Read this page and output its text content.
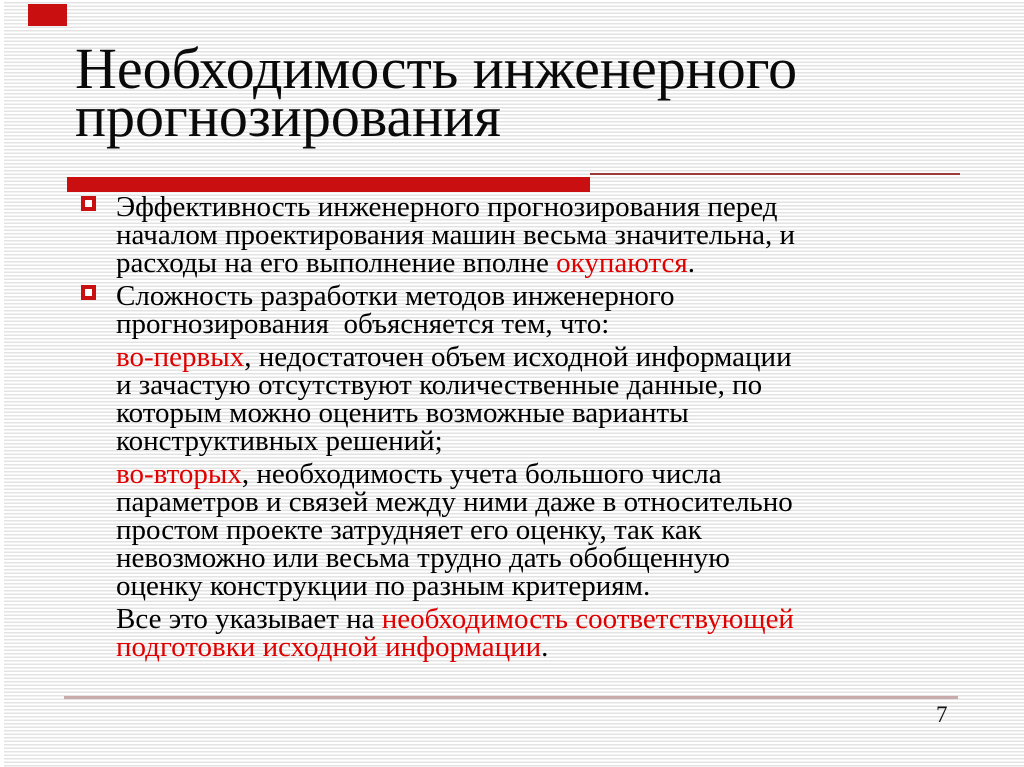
Необходимость инженерного
прогнозирования
Эффективность инженерного прогнозирования перед
началом проектирования машин весьма значительна, и
расходы на его выполнение вполне окупаются.
Сложность разработки методов инженерного
прогнозирования  объясняется тем, что:
во-первых, недостаточен объем исходной информации
и зачастую отсутствуют количественные данные, по
которым можно оценить возможные варианты
конструктивных решений;
во-вторых, необходимость учета большого числа
параметров и связей между ними даже в относительно
простом проекте затрудняет его оценку, так как
невозможно или весьма трудно дать обобщенную
оценку конструкции по разным критериям.
Все это указывает на необходимость соответствующей
подготовки исходной информации.
7
